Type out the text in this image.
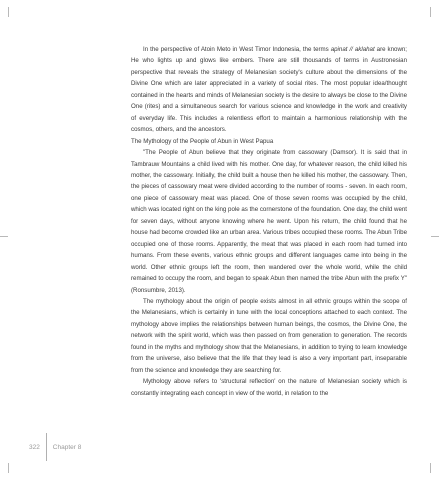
In the perspective of Atoin Meto in West Timor Indonesia, the terms apinat // aklahat are known; He who lights up and glows like embers. There are still thousands of terms in Austronesian perspective that reveals the strategy of Melanesian society's culture about the dimensions of the Divine One which are later appreciated in a variety of social rites. The most popular idea/thought contained in the hearts and minds of Melanesian society is the desire to always be close to the Divine One (rites) and a simultaneous search for various science and knowledge in the work and creativity of everyday life. This includes a relentless effort to maintain a harmonious relationship with the cosmos, others, and the ancestors.

The Mythology of the People of Abun in West Papua

"The People of Abun believe that they originate from cassowary (Damsor). It is said that in Tambrauw Mountains a child lived with his mother. One day, for whatever reason, the child killed his mother, the cassowary. Initially, the child built a house then he killed his mother, the cassowary. Then, the pieces of cassowary meat were divided according to the number of rooms - seven. In each room, one piece of cassowary meat was placed. One of those seven rooms was occupied by the child, which was located right on the king pole as the cornerstone of the foundation. One day, the child went for seven days, without anyone knowing where he went. Upon his return, the child found that he house had become crowded like an urban area. Various tribes occupied these rooms. The Abun Tribe occupied one of those rooms. Apparently, the meat that was placed in each room had turned into humans. From these events, various ethnic groups and different languages came into being in the world. Other ethnic groups left the room, then wandered over the whole world, while the child remained to occupy the room, and began to speak Abun then named the tribe Abun with the prefix Y" (Ronsumbre, 2013).

The mythology about the origin of people exists almost in all ethnic groups within the scope of the Melanesians, which is certainly in tune with the local conceptions attached to each context. The mythology above implies the relationships between human beings, the cosmos, the Divine One, the network with the spirit world, which was then passed on from generation to generation. The records found in the myths and mythology show that the Melanesians, in addition to trying to learn knowledge from the universe, also believe that the life that they lead is also a very important part, inseparable from the science and knowledge they are searching for.

Mythology above refers to 'structural reflection' on the nature of Melanesian society which is constantly integrating each concept in view of the world, in relation to the

322	Chapter 8
